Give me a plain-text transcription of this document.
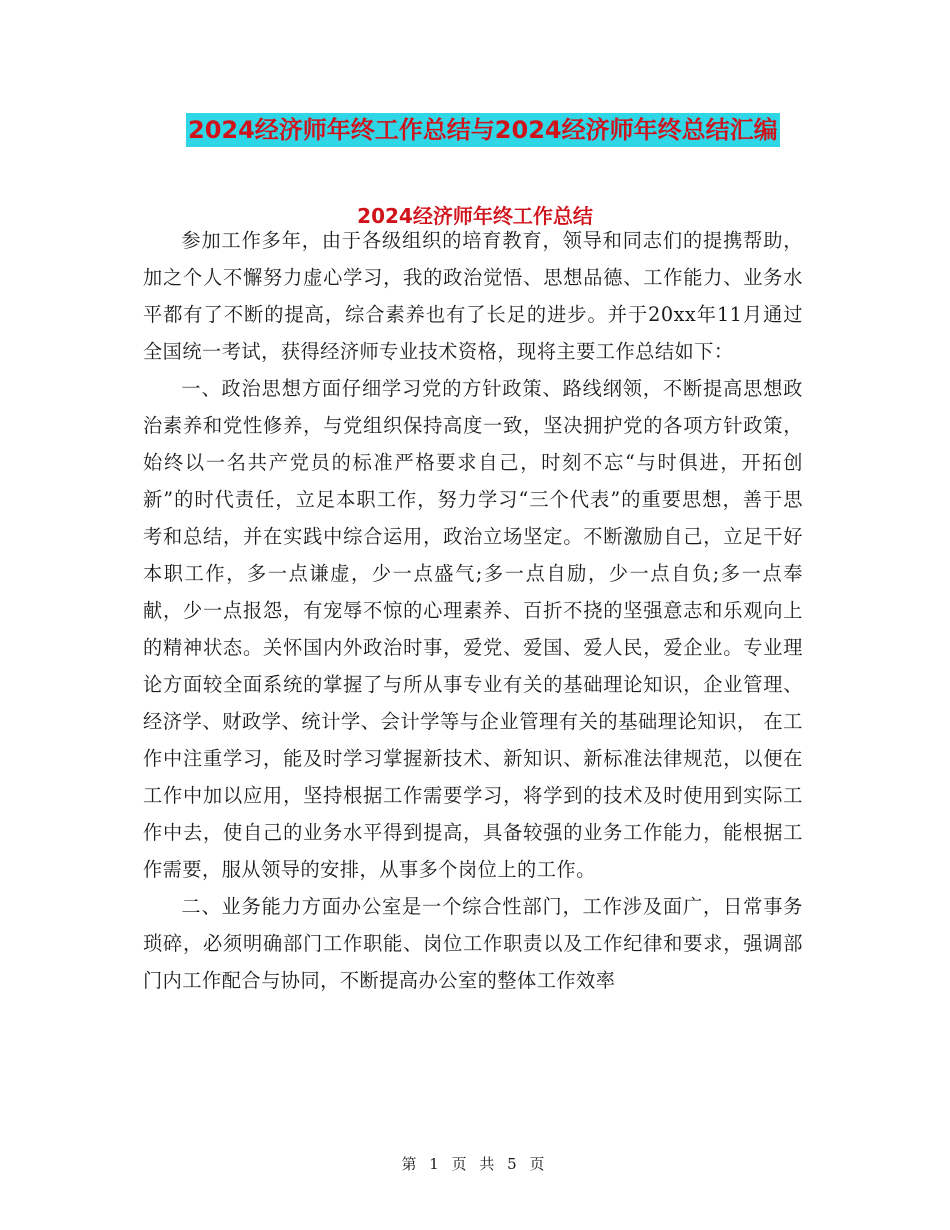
2024经济师年终工作总结与2024经济师年终总结汇编
2024经济师年终工作总结

参加工作多年，由于各级组织的培育教育，领导和同志们的提携帮助，加之个人不懈努力虚心学习，我的政治觉悟、思想品德、工作能力、业务水平都有了不断的提高，综合素养也有了长足的进步。并于20xx年11月通过全国统一考试，获得经济师专业技术资格，现将主要工作总结如下：

一、政治思想方面仔细学习党的方针政策、路线纲领，不断提高思想政治素养和党性修养，与党组织保持高度一致，坚决拥护党的各项方针政策，始终以一名共产党员的标准严格要求自己，时刻不忘“与时俱进，开拓创新”的时代责任，立足本职工作，努力学习“三个代表”的重要思想，善于思考和总结，并在实践中综合运用，政治立场坚定。不断激励自己，立足干好本职工作，多一点谦虚，少一点盛气;多一点自励，少一点自负;多一点奉献，少一点报怨，有宠辱不惊的心理素养、百折不挠的坚强意志和乐观向上的精神状态。关怀国内外政治时事，爱党、爱国、爱人民，爱企业。专业理论方面较全面系统的掌握了与所从事专业有关的基础理论知识，企业管理、经济学、财政学、统计学、会计学等与企业管理有关的基础理论知识， 在工作中注重学习，能及时学习掌握新技术、新知识、新标准法律规范，以便在工作中加以应用，坚持根据工作需要学习，将学到的技术及时使用到实际工作中去，使自己的业务水平得到提高，具备较强的业务工作能力，能根据工作需要，服从领导的安排，从事多个岗位上的工作。

二、业务能力方面办公室是一个综合性部门，工作涉及面广，日常事务琐碎，必须明确部门工作职能、岗位工作职责以及工作纪律和要求，强调部门内工作配合与协同，不断提高办公室的整体工作效率

第 1 页 共 5 页
